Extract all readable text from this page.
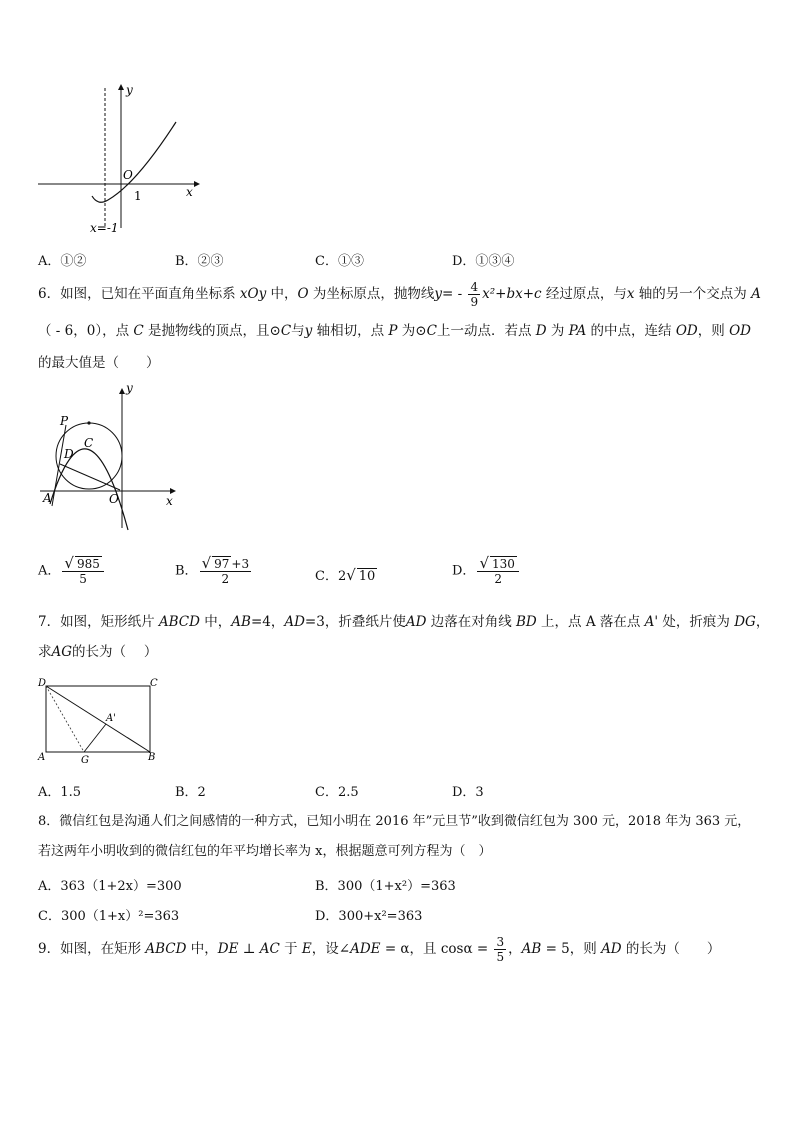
y
x
O
1
x=-1
A．①②	B．②③	C．①③	D．①③④
6．如图，已知在平面直角坐标系 xOy 中，O 为坐标原点，抛物线$y= - \frac{4}{9} x^2+bx+c$ 经过原点，与x 轴的另一个交点为 A
（ - 6，0），点 C 是抛物线的顶点，且⊙C与y 轴相切，点 P 为⊙C上一动点．若点 D 为 PA 的中点，连结 OD，则 OD
的最大值是（　　）
y
x
P
C
D
A	O
A． $\frac{√ 985}{5}$	B． $\frac{√ 97 +3}{2}$	C．2√ 10	D． $\frac{√ 130}{2}$
7．如图，矩形纸片 ABCD 中，AB=4，AD=3，折叠纸片使AD 边落在对角线 BD 上，点 A 落在点 A' 处，折痕为 DG，
求AG的长为（　 ）
D	C
A	B
G
A'
A．1.5	B．2	C．2.5	D．3
8．微信红包是沟通人们之间感情的一种方式，已知小明在 2016 年”元旦节”收到微信红包为 300 元，2018 年为 363 元，
若这两年小明收到的微信红包的年平均增长率为 x，根据题意可列方程为（　）
A．363（1+2x）=300	B．300（1+x²）=363
C．300（1+x）²=363	D．300+x²=363
9．如图，在矩形 ABCD 中，DE ⊥ AC 于 E，设∠ADE = α，且 $\cos\alpha = \frac{3}{5}$ ，AB = 5，则 AD 的长为（　　）
